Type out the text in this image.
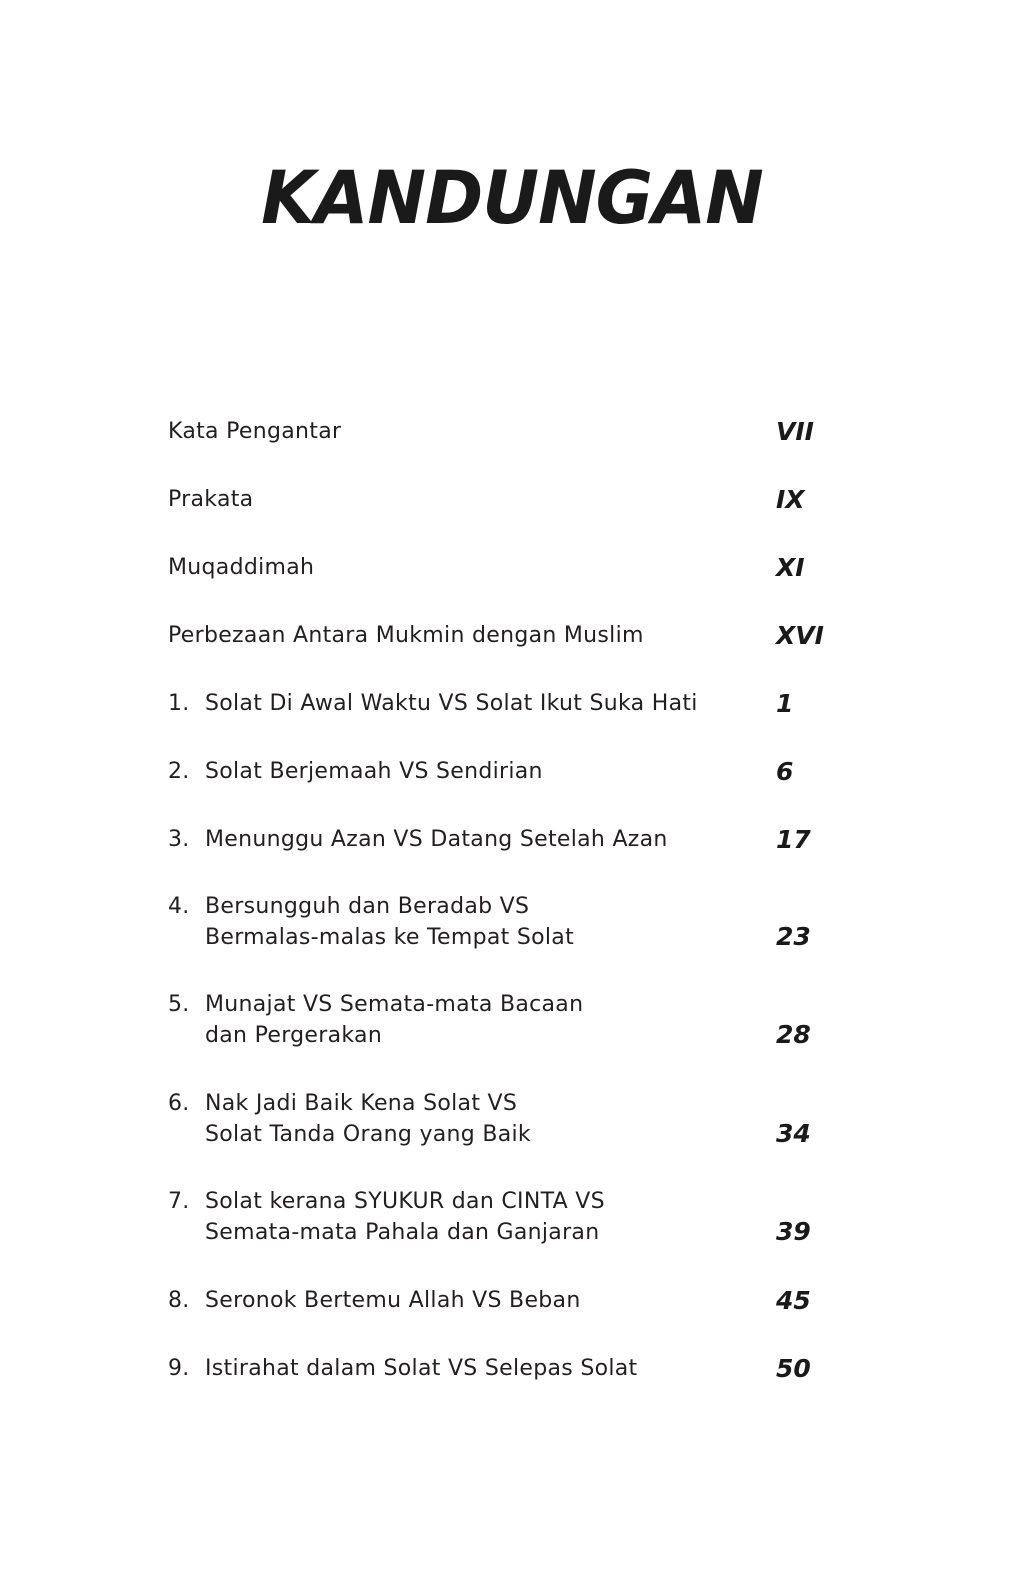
KANDUNGAN
Kata Pengantar	VII
Prakata	IX
Muqaddimah	XI
Perbezaan Antara Mukmin dengan Muslim	XVI
1. Solat Di Awal Waktu VS Solat Ikut Suka Hati	1
2. Solat Berjemaah VS Sendirian	6
3. Menunggu Azan VS Datang Setelah Azan	17
4. Bersungguh dan Beradab VS
Bermalas-malas ke Tempat Solat	23
5. Munajat VS Semata-mata Bacaan
dan Pergerakan	28
6. Nak Jadi Baik Kena Solat VS
Solat Tanda Orang yang Baik	34
7. Solat kerana SYUKUR dan CINTA VS
Semata-mata Pahala dan Ganjaran	39
8. Seronok Bertemu Allah VS Beban	45
9. Istirahat dalam Solat VS Selepas Solat	50
